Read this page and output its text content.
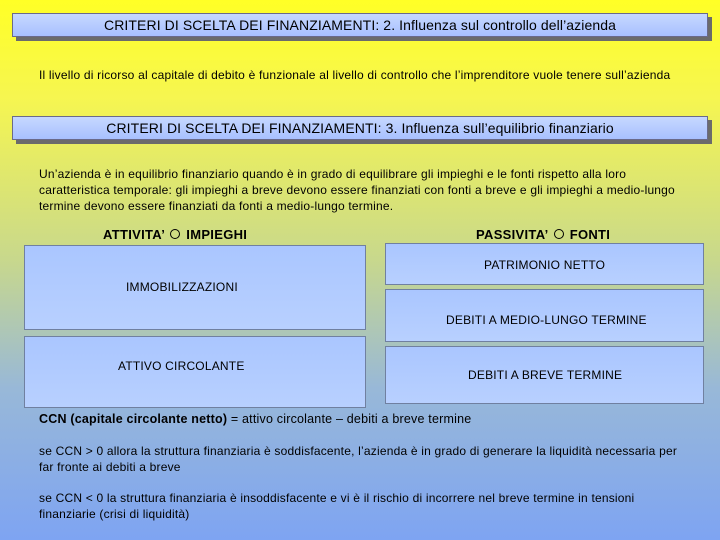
CRITERI DI SCELTA DEI FINANZIAMENTI: 2. Influenza sul controllo dell’azienda
Il livello di ricorso al capitale di debito è funzionale al livello di controllo che l’imprenditore vuole tenere sull’azienda
CRITERI DI SCELTA DEI FINANZIAMENTI: 3. Influenza sull’equilibrio finanziario
Un’azienda è in equilibrio finanziario quando è in grado di equilibrare gli impieghi e le fonti rispetto alla loro caratteristica temporale: gli impieghi a breve devono essere finanziati con fonti a breve e gli impieghi a medio-lungo termine devono essere finanziati da fonti a medio-lungo termine.
ATTIVITA’ IMPIEGHI	PASSIVITA’ FONTI
IMMOBILIZZAZIONI
ATTIVO CIRCOLANTE
PATRIMONIO NETTO
DEBITI A MEDIO-LUNGO TERMINE
DEBITI A BREVE TERMINE
CCN (capitale circolante netto) = attivo circolante – debiti a breve termine
se CCN > 0 allora la struttura finanziaria è soddisfacente, l’azienda è in grado di generare la liquidità necessaria per far fronte ai debiti a breve
se CCN < 0 la struttura finanziaria è insoddisfacente e vi è il rischio di incorrere nel breve termine in tensioni finanziarie (crisi di liquidità)
